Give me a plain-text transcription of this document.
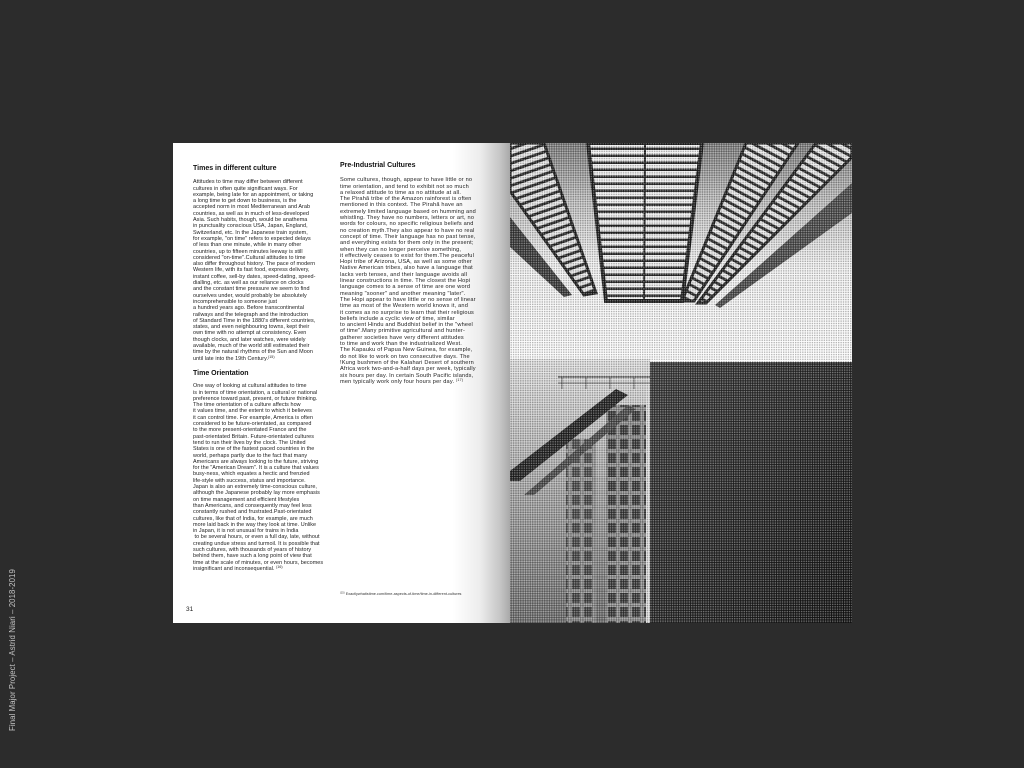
Final Major Project – Astrid Niari – 2018-2019
Times in different culture
Attitudes to time may differ between different
cultures in often quite significant ways. For
example, being late for an appointment, or taking
a long time to get down to business, is the
accepted norm in most Mediterranean and Arab
countries, as well as in much of less-developed
Asia. Such habits, though, would be anathema
in punctuality conscious USA, Japan, England,
Switzerland, etc. In the Japanese train system,
for example, "on time" refers to expected delays
of less than one minute, while in many other
countries, up to fifteen minutes leeway is still
considered "on-time".Cultural attitudes to time
also differ throughout history. The pace of modern
Western life, with its fast food, express delivery,
instant coffee, sell-by dates, speed-dating, speed-
dialling, etc. as well as our reliance on clocks
and the constant time pressure we seem to find
ourselves under, would probably be absolutely
incomprehensible to someone just
a hundred years ago. Before transcontinental
railways and the telegraph and the introduction
of Standard Time in the 1880's different countries,
states, and even neighbouring towns, kept their
own time with no attempt at consistency. Even
though clocks, and later watches, were widely
available, much of the world still estimated their
time by the natural rhythms of the Sun and Moon
until late into the 19th Century.$^{(15)}$
Time Orientation
One way of looking at cultural attitudes to time
is in terms of time orientation, a cultural or national
preference toward past, present, or future thinking.
The time orientation of a culture affects how
it values time, and the extent to which it believes
it can control time. For example, America is often
considered to be future-orientated, as compared
to the more present-orientated France and the
past-orientated Britain. Future-orientated cultures
tend to run their lives by the clock. The United
States is one of the fastest paced countries in the
world, perhaps partly due to the fact that many
Americans are always looking to the future, striving
for the "American Dream". It is a culture that values
busy-ness, which equates a hectic and frenzied
life-style with success, status and importance.
Japan is also an extremely time-conscious culture,
although the Japanese probably lay more emphasis
on time management and efficient lifestyles
than Americans, and consequently may feel less
constantly rushed and frustrated.Past-orientated
cultures, like that of India, for example, are much
more laid back in the way they look at time. Unlike
in Japan, it is not unusual for trains in India
to be several hours, or even a full day, late, without
creating undue stress and turmoil. It is possible that
such cultures, with thousands of years of history
behind them, have such a long point of view that
time at the scale of minutes, or even hours, becomes
insignificant and inconsequential. $^{(16)}$
Pre-Industrial Cultures
Some cultures, though, appear to have little or no
time orientation, and tend to exhibit not so much
a relaxed attitude to time as no attitude at all.
The Pirahã tribe of the Amazon rainforest is often
mentioned in this context. The Pirahã have an
extremely limited language based on humming and
whistling. They have no numbers, letters or art, no
words for colours, no specific religious beliefs and
no creation myth.They also appear to have no real
concept of time. Their language has no past tense,
and everything exists for them only in the present;
when they can no longer perceive something,
it effectively ceases to exist for them.The peaceful
Hopi tribe of Arizona, USA, as well as some other
Native American tribes, also have a language that
lacks verb tenses, and their language avoids all
linear constructions in time. The closest the Hopi
language comes to a sense of time are one word
meaning "sooner" and another meaning "later".
The Hopi appear to have little or no sense of linear
time as most of the Western world knows it, and
it comes as no surprise to learn that their religious
beliefs include a cyclic view of time, similar
to ancient Hindu and Buddhist belief in the "wheel
of time".Many primitive agricultural and hunter-
gatherer societies have very different attitudes
to time and work than the industrialized West.
The Kapauku of Papua New Guinea, for example,
do not like to work on two consecutive days. The
!Kung bushmen of the Kalahari Desert of southern
Africa work two-and-a-half days per week, typically
six hours per day. In certain South Pacific islands,
men typically work only four hours per day. $^{(17)}$
$^{(15)}$ Exactlywhatistime.com/time-aspects-of-time/time-in-different-cultures
31
